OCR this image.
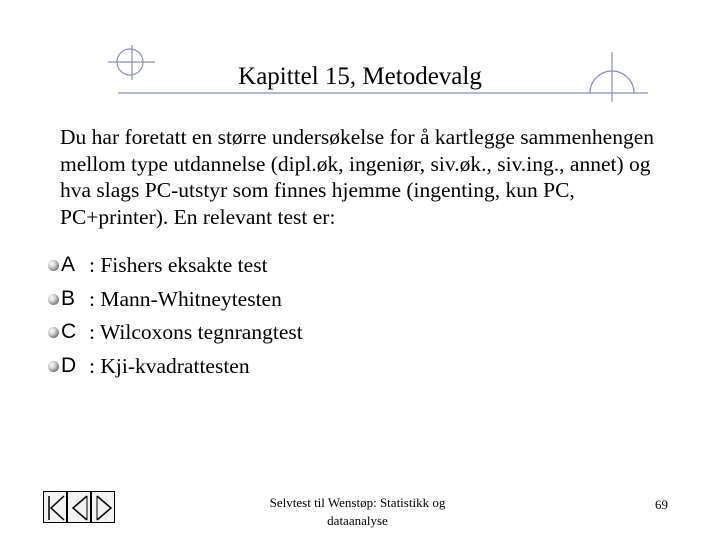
Kapittel 15, Metodevalg
Du har foretatt en større undersøkelse for å kartlegge sammenhengen mellom type utdannelse (dipl.øk, ingeniør, siv.øk., siv.ing., annet) og hva slags PC-utstyr som finnes hjemme (ingenting, kun PC, PC+printer). En relevant test er:
A : Fishers eksakte test
B : Mann-Whitneytesten
C : Wilcoxons tegnrangtest
D : Kji-kvadrattesten
Selvtest til Wenstøp: Statistikk og dataanalyse
69
